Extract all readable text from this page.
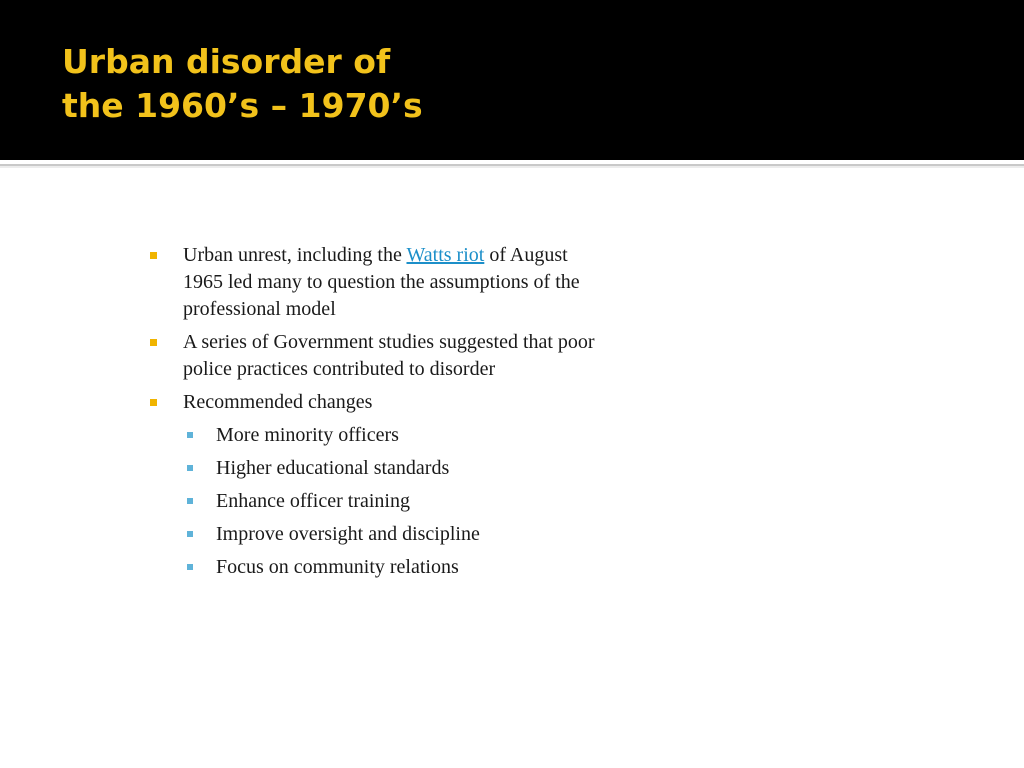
Urban disorder of
the 1960’s – 1970’s
Urban unrest, including the Watts riot of August 1965 led many to question the assumptions of the professional model
A series of Government studies suggested that poor police practices contributed to disorder
Recommended changes
More minority officers
Higher educational standards
Enhance officer training
Improve oversight and discipline
Focus on community relations
